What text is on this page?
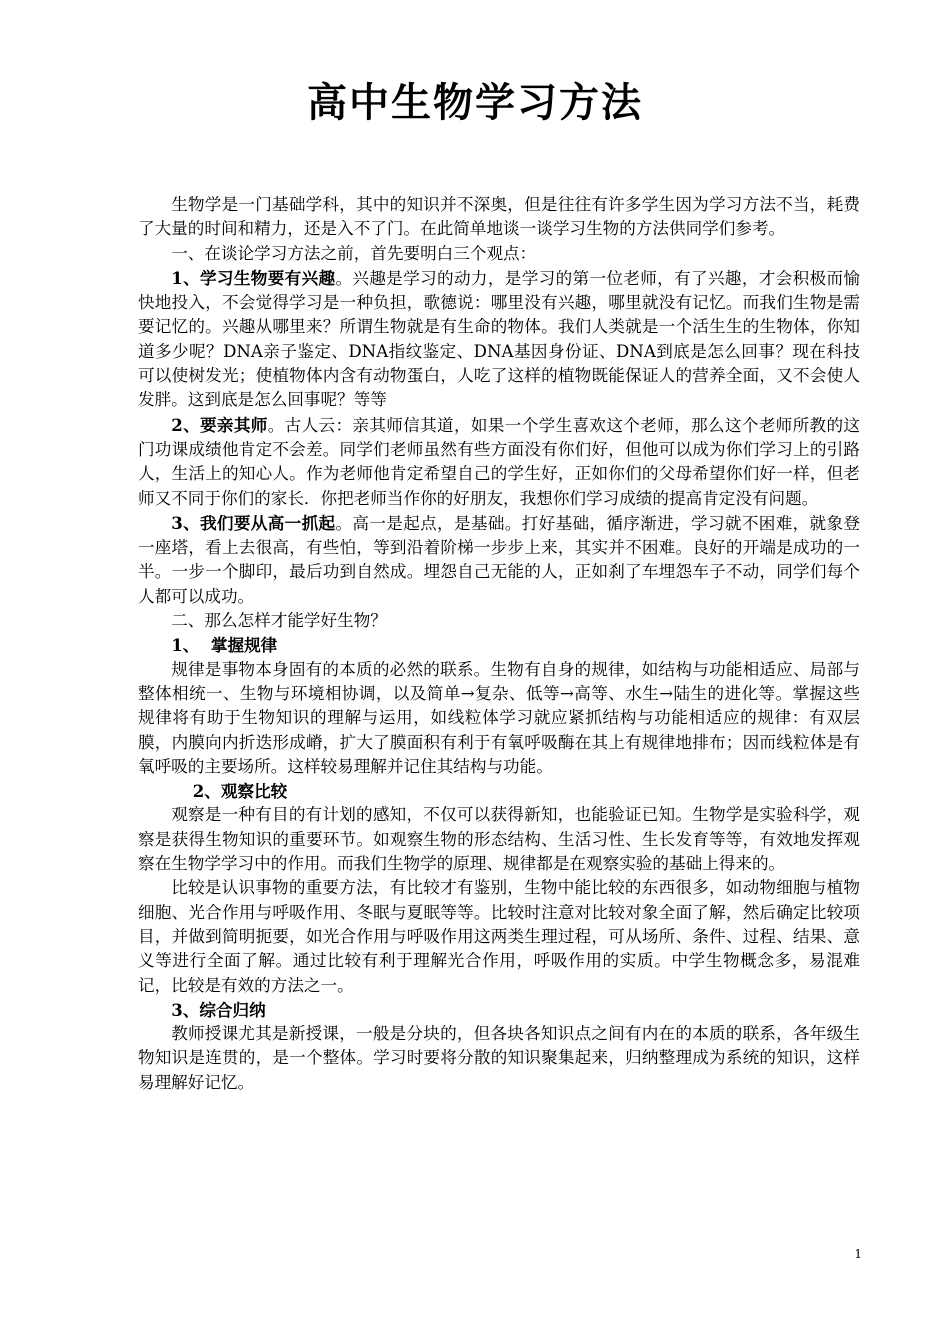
高中生物学习方法

生物学是一门基础学科，其中的知识并不深奥，但是往往有许多学生因为学习方法不当，耗费了大量的时间和精力，还是入不了门。在此简单地谈一谈学习生物的方法供同学们参考。

一、在谈论学习方法之前，首先要明白三个观点：

1、学习生物要有兴趣。兴趣是学习的动力，是学习的第一位老师，有了兴趣，才会积极而愉快地投入，不会觉得学习是一种负担，歌德说：哪里没有兴趣，哪里就没有记忆。而我们生物是需要记忆的。兴趣从哪里来？所谓生物就是有生命的物体。我们人类就是一个活生生的生物体，你知道多少呢？DNA亲子鉴定、DNA指纹鉴定、DNA基因身份证、DNA到底是怎么回事？现在科技可以使树发光；使植物体内含有动物蛋白，人吃了这样的植物既能保证人的营养全面，又不会使人发胖。这到底是怎么回事呢？等等

2、要亲其师。古人云：亲其师信其道，如果一个学生喜欢这个老师，那么这个老师所教的这门功课成绩他肯定不会差。同学们老师虽然有些方面没有你们好，但他可以成为你们学习上的引路人，生活上的知心人。作为老师他肯定希望自己的学生好，正如你们的父母希望你们好一样，但老师又不同于你们的家长．你把老师当作你的好朋友，我想你们学习成绩的提高肯定没有问题。

3、我们要从高一抓起。高一是起点，是基础。打好基础，循序渐进，学习就不困难，就象登一座塔，看上去很高，有些怕，等到沿着阶梯一步步上来，其实并不困难。良好的开端是成功的一半。一步一个脚印，最后功到自然成。埋怨自己无能的人，正如刹了车埋怨车子不动，同学们每个人都可以成功。

二、那么怎样才能学好生物？

1、  掌握规律

规律是事物本身固有的本质的必然的联系。生物有自身的规律，如结构与功能相适应、局部与整体相统一、生物与环境相协调，以及简单→复杂、低等→高等、水生→陆生的进化等。掌握这些规律将有助于生物知识的理解与运用，如线粒体学习就应紧抓结构与功能相适应的规律：有双层膜，内膜向内折迭形成嵴，扩大了膜面积有利于有氧呼吸酶在其上有规律地排布；因而线粒体是有氧呼吸的主要场所。这样较易理解并记住其结构与功能。

2、观察比较

观察是一种有目的有计划的感知，不仅可以获得新知，也能验证已知。生物学是实验科学，观察是获得生物知识的重要环节。如观察生物的形态结构、生活习性、生长发育等等，有效地发挥观察在生物学学习中的作用。而我们生物学的原理、规律都是在观察实验的基础上得来的。

比较是认识事物的重要方法，有比较才有鉴别，生物中能比较的东西很多，如动物细胞与植物细胞、光合作用与呼吸作用、冬眠与夏眠等等。比较时注意对比较对象全面了解，然后确定比较项目，并做到简明扼要，如光合作用与呼吸作用这两类生理过程，可从场所、条件、过程、结果、意义等进行全面了解。通过比较有利于理解光合作用，呼吸作用的实质。中学生物概念多，易混难记，比较是有效的方法之一。

3、综合归纳

教师授课尤其是新授课，一般是分块的，但各块各知识点之间有内在的本质的联系，各年级生物知识是连贯的，是一个整体。学习时要将分散的知识聚集起来，归纳整理成为系统的知识，这样易理解好记忆。

1
